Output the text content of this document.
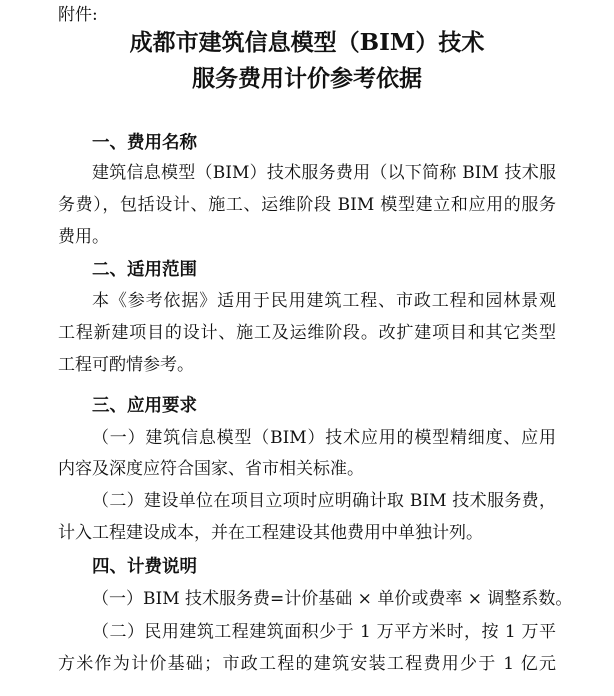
附件:
成都市建筑信息模型（BIM）技术
服务费用计价参考依据
一、费用名称
建筑信息模型（BIM）技术服务费用（以下简称 BIM 技术服
务费），包括设计、施工、运维阶段 BIM 模型建立和应用的服务
费用。
二、适用范围
本《参考依据》适用于民用建筑工程、市政工程和园林景观
工程新建项目的设计、施工及运维阶段。改扩建项目和其它类型
工程可酌情参考。
三、应用要求
（一）建筑信息模型（BIM）技术应用的模型精细度、应用
内容及深度应符合国家、省市相关标准。
（二）建设单位在项目立项时应明确计取 BIM 技术服务费，
计入工程建设成本，并在工程建设其他费用中单独计列。
四、计费说明
（一）BIM 技术服务费=计价基础 × 单价或费率 × 调整系数。
（二）民用建筑工程建筑面积少于 1 万平方米时，按 1 万平
方米作为计价基础；市政工程的建筑安装工程费用少于 1 亿元
